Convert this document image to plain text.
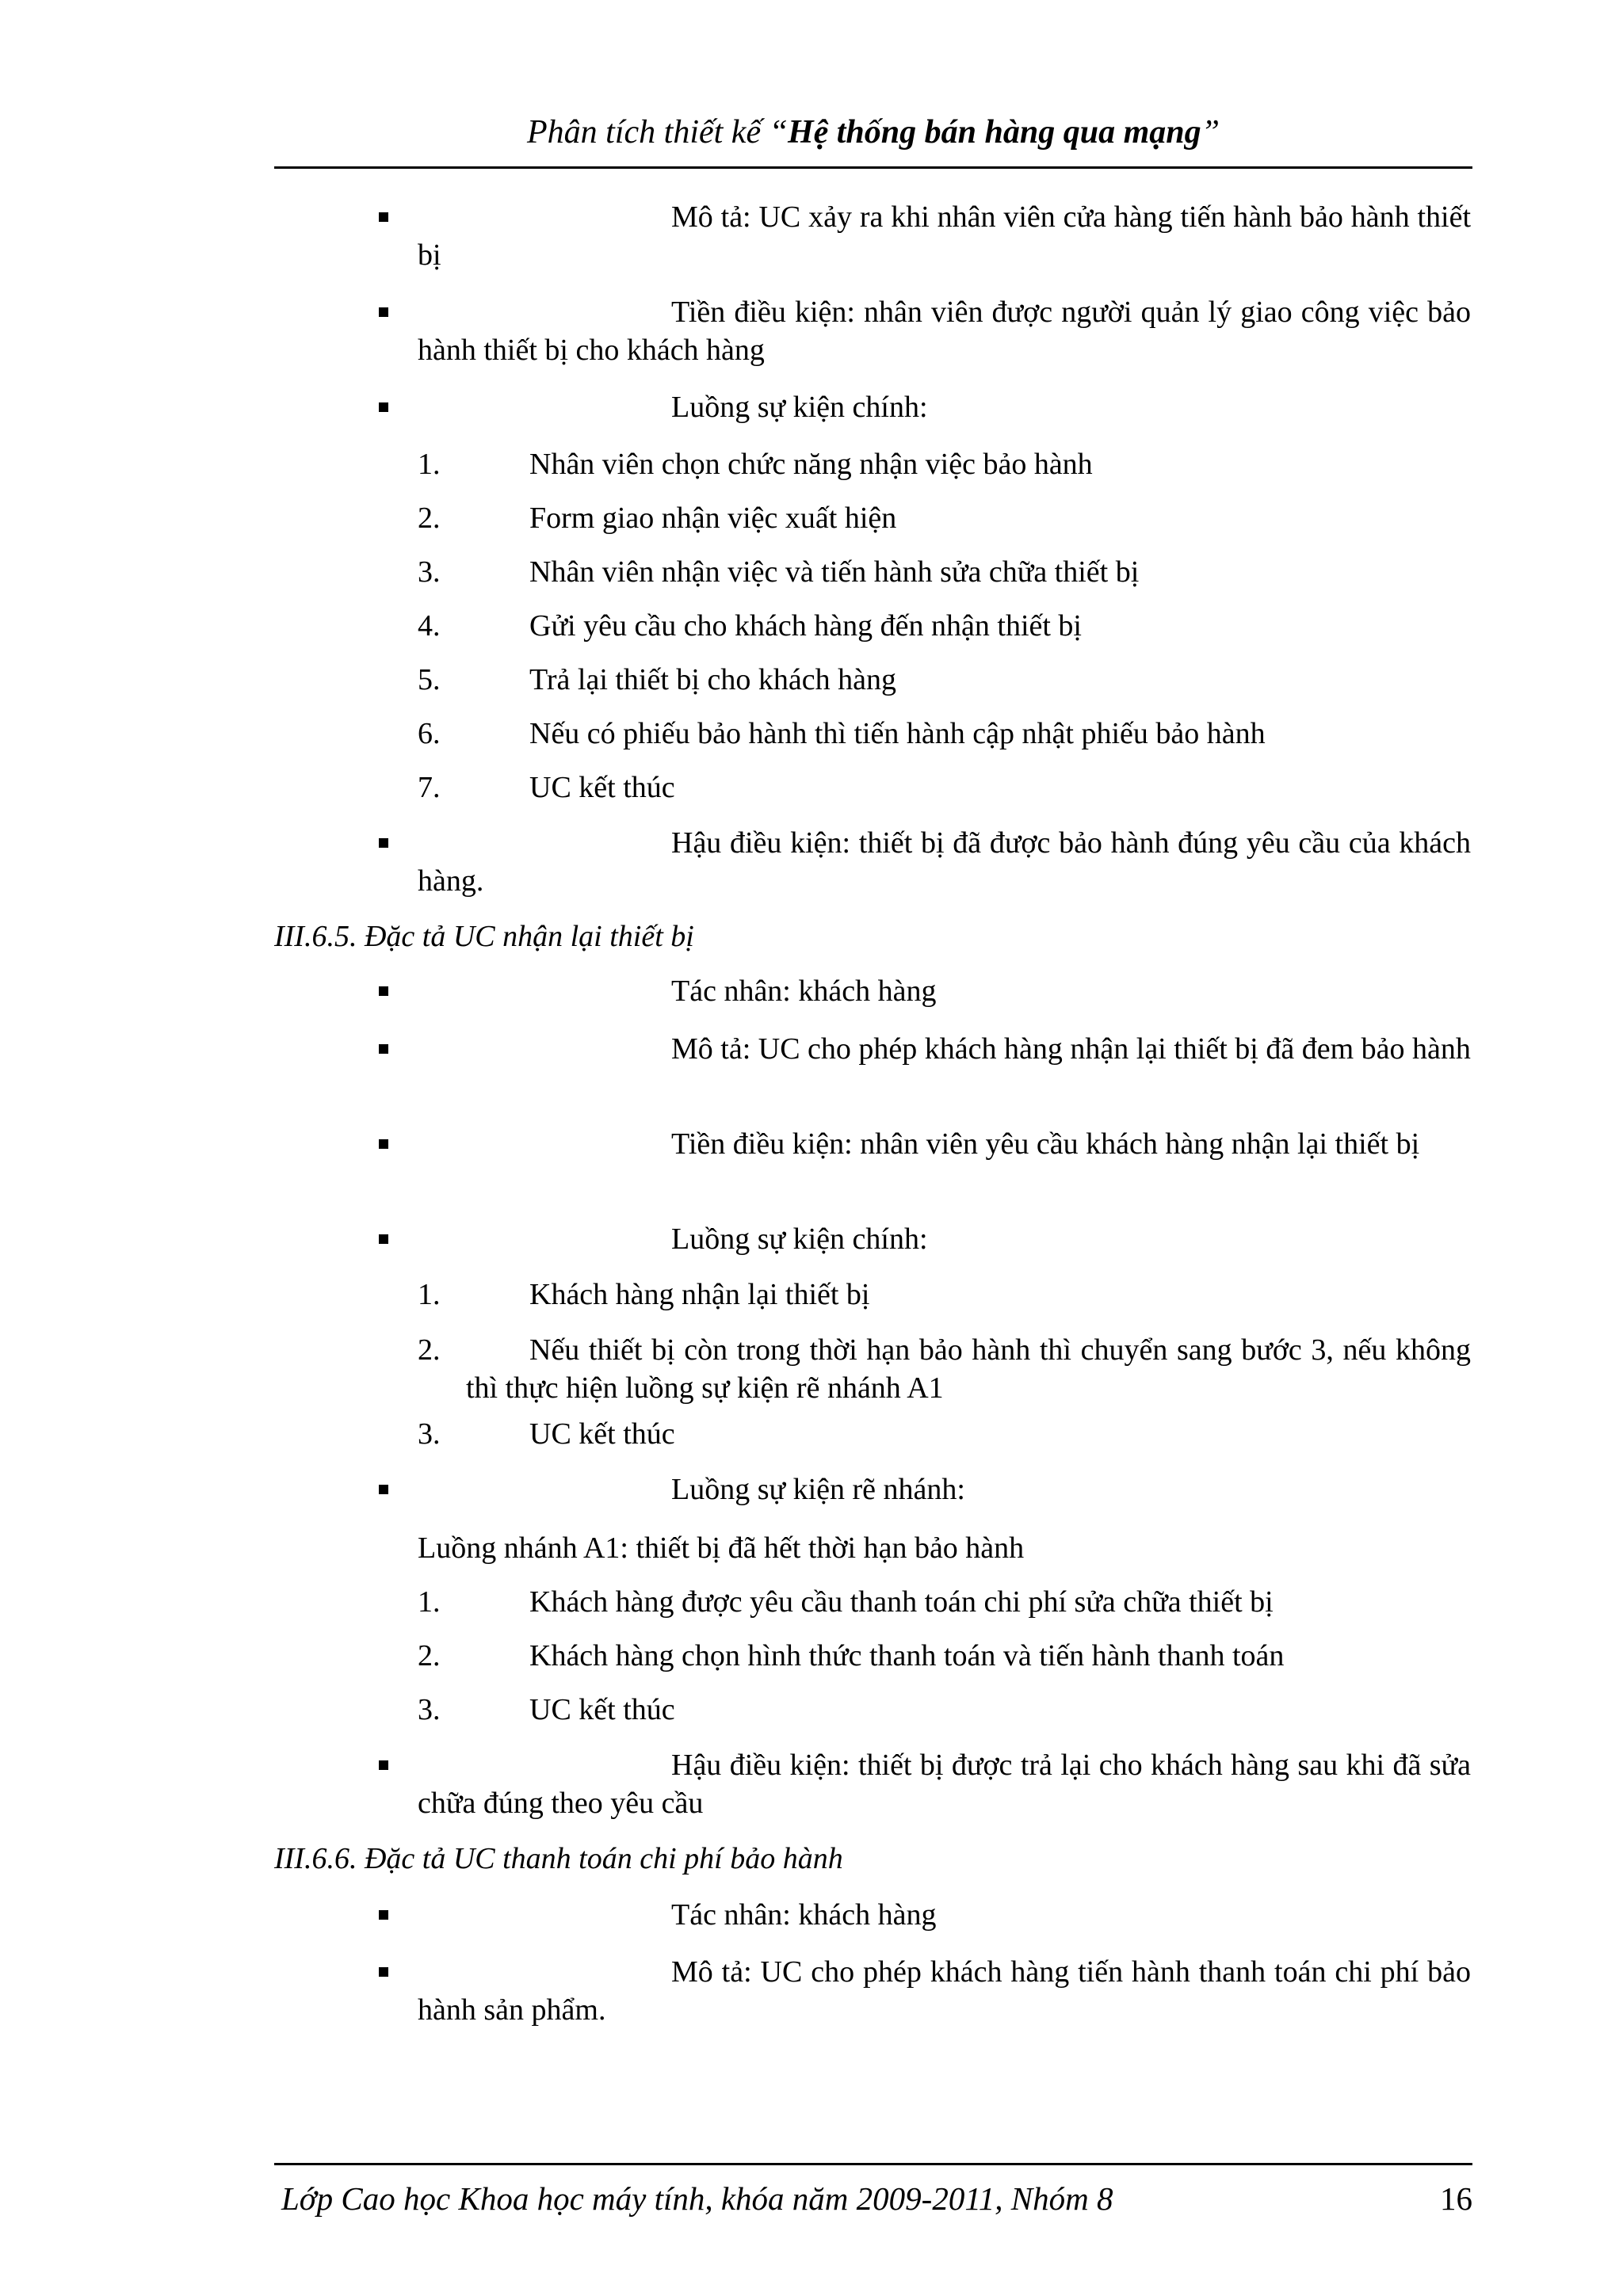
Phân tích thiết kế “Hệ thống bán hàng qua mạng”
Mô tả: UC xảy ra khi nhân viên cửa hàng tiến hành bảo hành thiết bị
Tiền điều kiện: nhân viên được người quản lý giao công việc bảo hành thiết bị cho khách hàng
Luồng sự kiện chính:
1.	Nhân viên chọn chức năng nhận việc bảo hành
2.	Form giao nhận việc xuất hiện
3.	Nhân viên nhận việc và tiến hành sửa chữa thiết bị
4.	Gửi yêu cầu cho khách hàng đến nhận thiết bị
5.	Trả lại thiết bị cho khách hàng
6.	Nếu có phiếu bảo hành thì tiến hành cập nhật phiếu bảo hành
7.	UC kết thúc
Hậu điều kiện: thiết bị đã được bảo hành đúng yêu cầu của khách hàng.
III.6.5. Đặc tả UC nhận lại thiết bị
Tác nhân: khách hàng
Mô tả: UC cho phép khách hàng nhận lại thiết bị đã đem bảo hành
Tiền điều kiện: nhân viên yêu cầu khách hàng nhận lại thiết bị
Luồng sự kiện chính:
1.	Khách hàng nhận lại thiết bị
2.	Nếu thiết bị còn trong thời hạn bảo hành thì chuyển sang bước 3, nếu không thì thực hiện luồng sự kiện rẽ nhánh A1
3.	UC kết thúc
Luồng sự kiện rẽ nhánh:
Luồng nhánh A1: thiết bị đã hết thời hạn bảo hành
1.	Khách hàng được yêu cầu thanh toán chi phí sửa chữa thiết bị
2.	Khách hàng chọn hình thức thanh toán và tiến hành thanh toán
3.	UC kết thúc
Hậu điều kiện: thiết bị được trả lại cho khách hàng sau khi đã sửa chữa đúng theo yêu cầu
III.6.6. Đặc tả UC thanh toán chi phí bảo hành
Tác nhân: khách hàng
Mô tả: UC cho phép khách hàng tiến hành thanh toán chi phí bảo hành sản phẩm.
Lớp Cao học Khoa học máy tính, khóa năm 2009-2011, Nhóm 8	16
